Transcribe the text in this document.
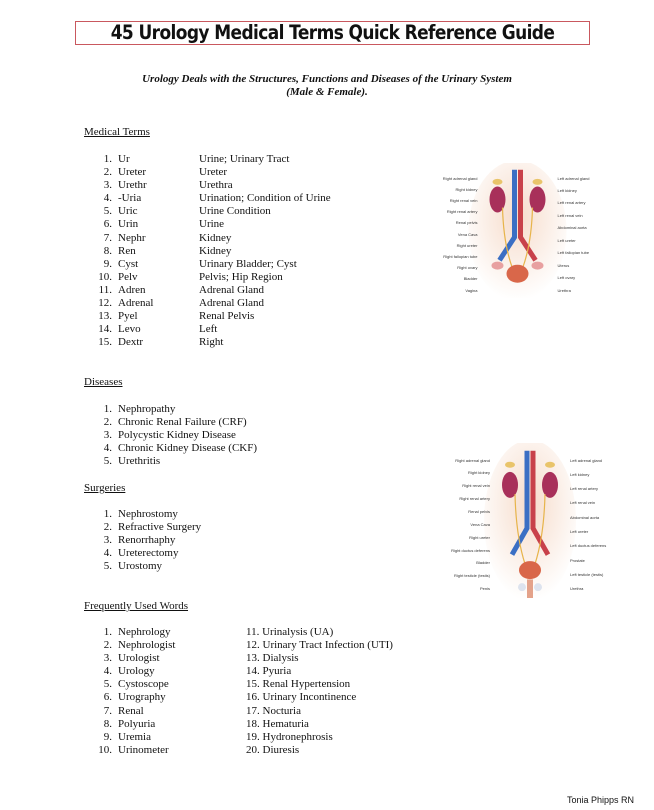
45 Urology Medical Terms Quick Reference Guide
Urology Deals with the Structures, Functions and Diseases of the Urinary System
(Male & Female).
Medical Terms
1. Ur	Urine; Urinary Tract
2. Ureter	Ureter
3. Urethr	Urethra
4. -Uria	Urination; Condition of Urine
5. Uric	Urine Condition
6. Urin	Urine
7. Nephr	Kidney
8. Ren	Kidney
9. Cyst	Urinary Bladder; Cyst
10. Pelv	Pelvis; Hip Region
11. Adren	Adrenal Gland
12. Adrenal	Adrenal Gland
13. Pyel	Renal Pelvis
14. Levo	Left
15. Dextr	Right
Diseases
1. Nephropathy
2. Chronic Renal Failure (CRF)
3. Polycystic Kidney Disease
4. Chronic Kidney Disease (CKF)
5. Urethritis
Surgeries
1. Nephrostomy
2. Refractive Surgery
3. Renorrhaphy
4. Ureterectomy
5. Urostomy
Frequently Used Words
1. Nephrology
2. Nephrologist
3. Urologist
4. Urology
5. Cystoscope
6. Urography
7. Renal
8. Polyuria
9. Uremia
10. Urinometer
11. Urinalysis (UA)
12. Urinary Tract Infection (UTI)
13. Dialysis
14. Pyuria
15. Renal Hypertension
16. Urinary Incontinence
17. Nocturia
18. Hematuria
19. Hydronephrosis
20. Diuresis
Right adrenal gland
Right kidney
Right renal vein
Right renal artery
Renal pelvis
Vena Cava
Right ureter
Right fallopian tube
Right ovary
Bladder
Vagina
Left adrenal gland
Left kidney
Left renal artery
Left renal vein
Abdominal aorta
Left ureter
Left fallopian tube
Uterus
Left ovary
Urethra
Right adrenal gland
Right kidney
Right renal vein
Right renal artery
Renal pelvis
Vena Cava
Right ureter
Right ductus deferens
Bladder
Right testicle (testis)
Penis
Left adrenal gland
Left kidney
Left renal artery
Left renal vein
Abdominal aorta
Left ureter
Left ductus deferens
Prostate
Left testicle (testis)
Urethra
Tonia Phipps RN
